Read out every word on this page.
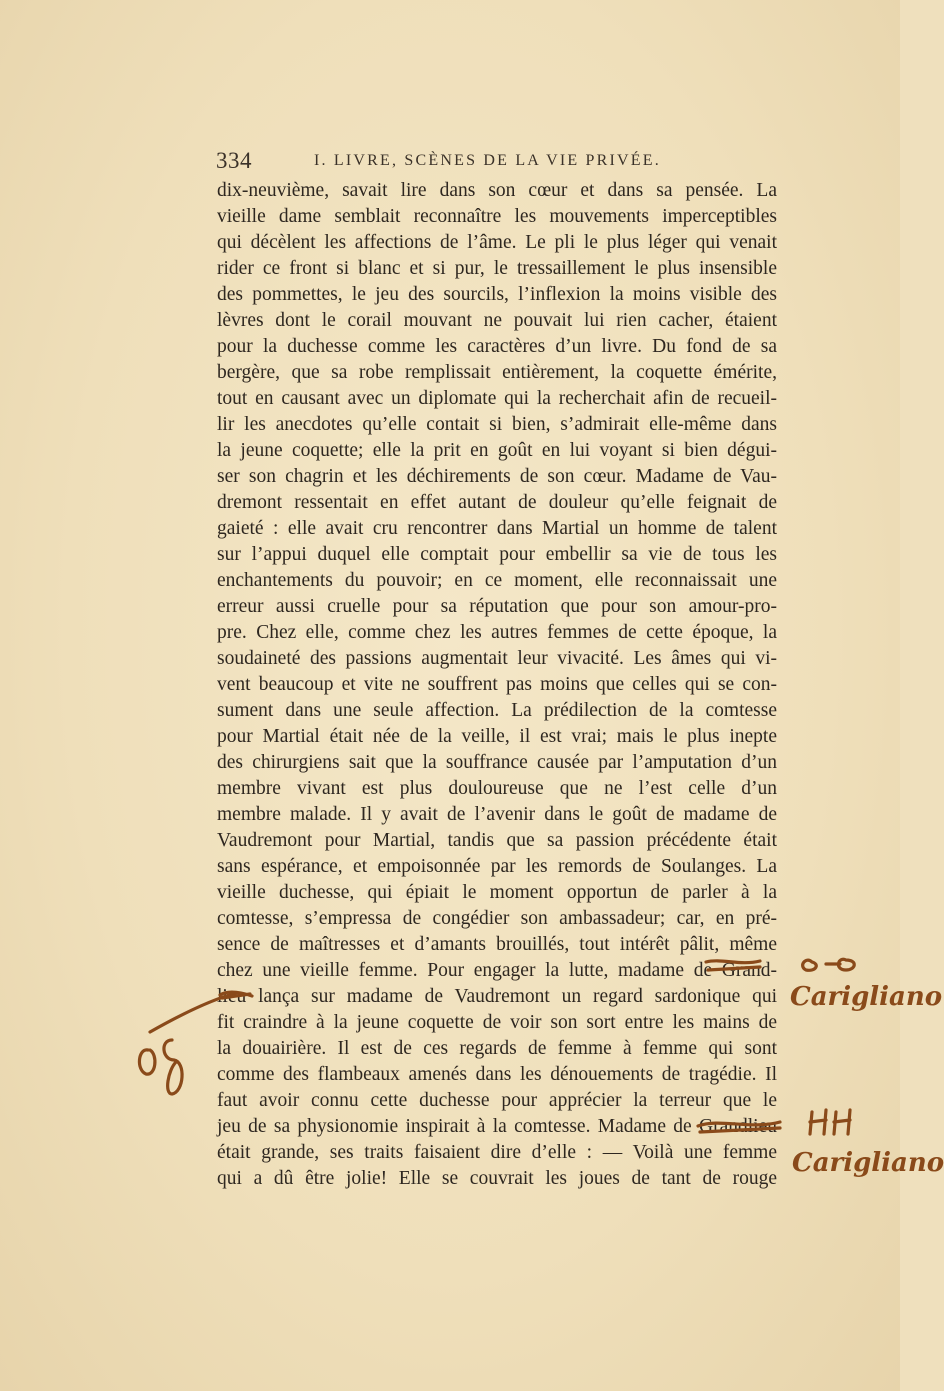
334	I. LIVRE, SCÈNES DE LA VIE PRIVÉE.
dix-neuvième, savait lire dans son cœur et dans sa pensée. La
vieille dame semblait reconnaître les mouvements imperceptibles
qui décèlent les affections de l’âme. Le pli le plus léger qui venait
rider ce front si blanc et si pur, le tressaillement le plus insensible
des pommettes, le jeu des sourcils, l’inflexion la moins visible des
lèvres dont le corail mouvant ne pouvait lui rien cacher, étaient
pour la duchesse comme les caractères d’un livre. Du fond de sa
bergère, que sa robe remplissait entièrement, la coquette émérite,
tout en causant avec un diplomate qui la recherchait afin de recueil-
lir les anecdotes qu’elle contait si bien, s’admirait elle-même dans
la jeune coquette; elle la prit en goût en lui voyant si bien dégui-
ser son chagrin et les déchirements de son cœur. Madame de Vau-
dremont ressentait en effet autant de douleur qu’elle feignait de
gaieté : elle avait cru rencontrer dans Martial un homme de talent
sur l’appui duquel elle comptait pour embellir sa vie de tous les
enchantements du pouvoir; en ce moment, elle reconnaissait une
erreur aussi cruelle pour sa réputation que pour son amour-pro-
pre. Chez elle, comme chez les autres femmes de cette époque, la
soudaineté des passions augmentait leur vivacité. Les âmes qui vi-
vent beaucoup et vite ne souffrent pas moins que celles qui se con-
sument dans une seule affection. La prédilection de la comtesse
pour Martial était née de la veille, il est vrai; mais le plus inepte
des chirurgiens sait que la souffrance causée par l’amputation d’un
membre vivant est plus douloureuse que ne l’est celle d’un
membre malade. Il y avait de l’avenir dans le goût de madame de
Vaudremont pour Martial, tandis que sa passion précédente était
sans espérance, et empoisonnée par les remords de Soulanges. La
vieille duchesse, qui épiait le moment opportun de parler à la
comtesse, s’empressa de congédier son ambassadeur; car, en pré-
sence de maîtresses et d’amants brouillés, tout intérêt pâlit, même
chez une vieille femme. Pour engager la lutte, madame de Grand-
lieu lança sur madame de Vaudremont un regard sardonique qui
fit craindre à la jeune coquette de voir son sort entre les mains de
la douairière. Il est de ces regards de femme à femme qui sont
comme des flambeaux amenés dans les dénouements de tragédie. Il
faut avoir connu cette duchesse pour apprécier la terreur que le
jeu de sa physionomie inspirait à la comtesse. Madame de Grandlieu
était grande, ses traits faisaient dire d’elle : — Voilà une femme
qui a dû être jolie! Elle se couvrait les joues de tant de rouge
Carigliano
Carigliano
